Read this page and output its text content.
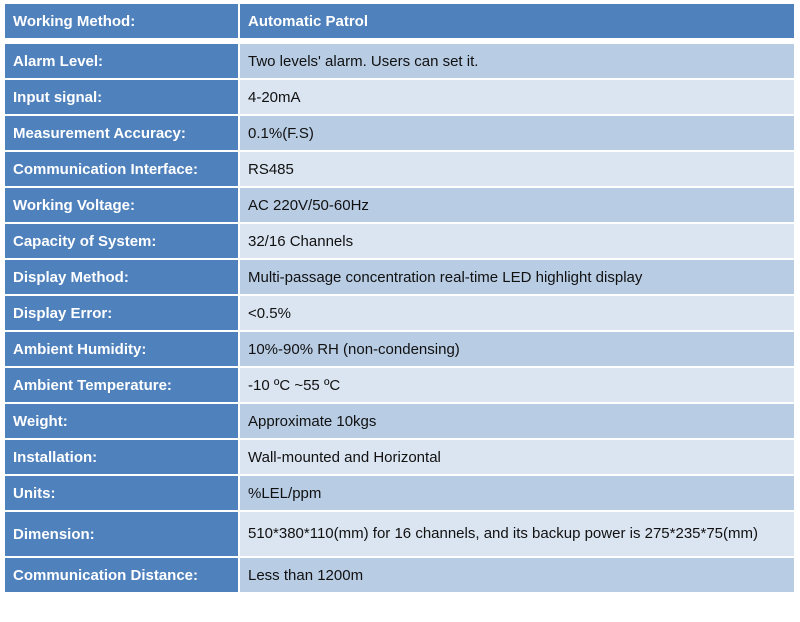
Working Method:	Automatic Patrol

Alarm Level:	Two levels' alarm. Users can set it.
Input signal:	4-20mA
Measurement Accuracy:	0.1%(F.S)
Communication Interface:	RS485
Working Voltage:	AC 220V/50-60Hz
Capacity of System:	32/16 Channels
Display Method:	Multi-passage concentration real-time LED highlight display
Display Error:	<0.5%
Ambient Humidity:	10%-90% RH (non-condensing)
Ambient Temperature:	-10 ºC ~55 ºC
Weight:	Approximate 10kgs
Installation:	Wall-mounted and Horizontal
Units:	%LEL/ppm
Dimension:	510*380*110(mm) for 16 channels, and its backup power is 275*235*75(mm)
Communication Distance:	Less than 1200m
